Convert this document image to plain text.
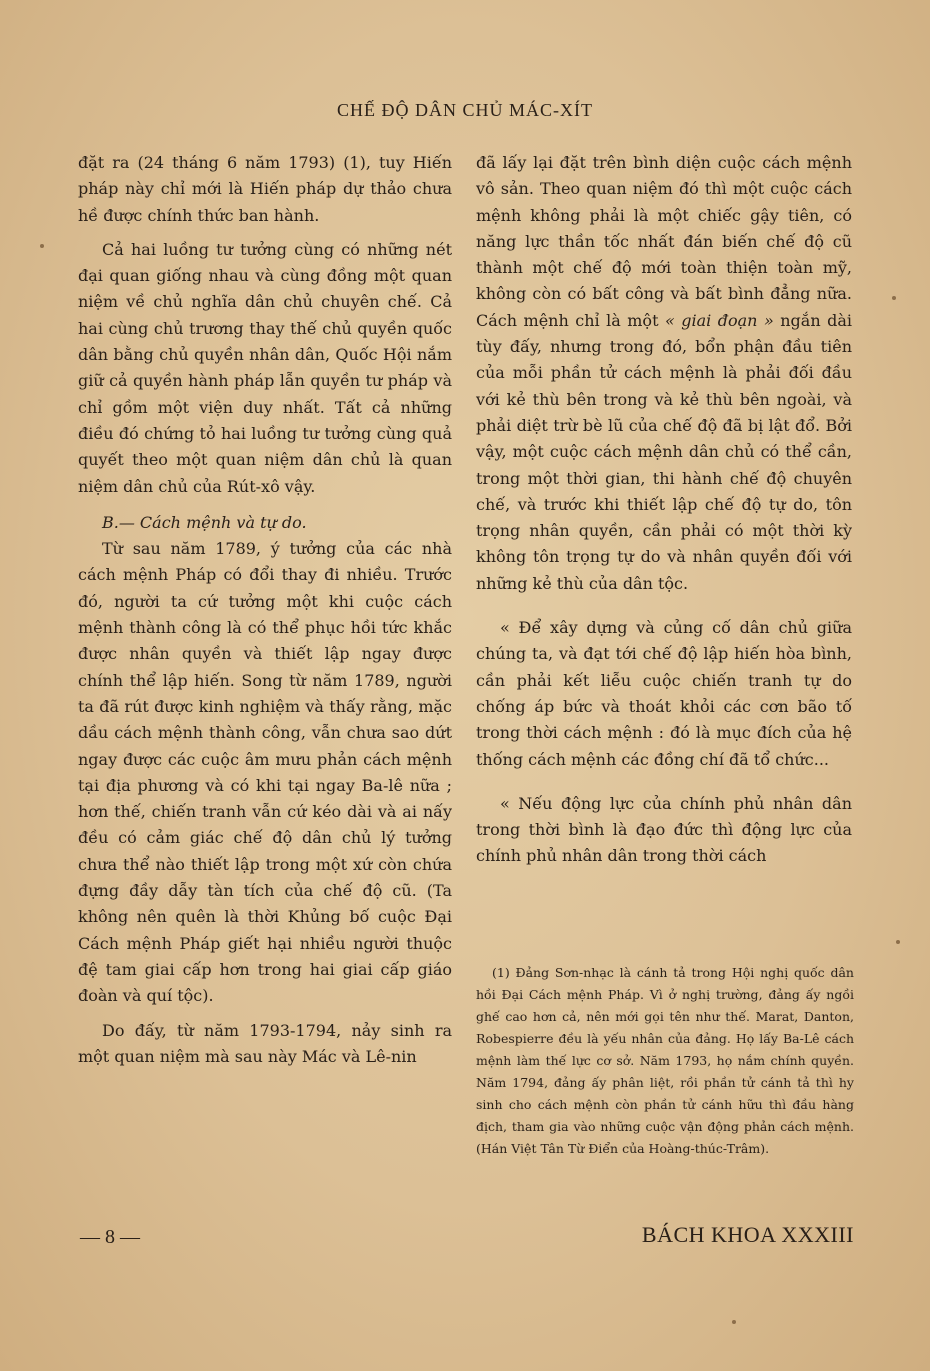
CHẾ ĐỘ DÂN CHỦ MÁC-XÍT

đặt ra (24 tháng 6 năm 1793) (1), tuy Hiến pháp này chỉ mới là Hiến pháp dự thảo chưa hề được chính thức ban hành.

Cả hai luồng tư tưởng cùng có những nét đại quan giống nhau và cùng đồng một quan niệm về chủ nghĩa dân chủ chuyên chế. Cả hai cùng chủ trương thay thế chủ quyền quốc dân bằng chủ quyền nhân dân, Quốc Hội nắm giữ cả quyền hành pháp lẫn quyền tư pháp và chỉ gồm một viện duy nhất. Tất cả những điều đó chứng tỏ hai luồng tư tưởng cùng quả quyết theo một quan niệm dân chủ là quan niệm dân chủ của Rút-xô vậy.

B.— Cách mệnh và tự do.

Từ sau năm 1789, ý tưởng của các nhà cách mệnh Pháp có đổi thay đi nhiều. Trước đó, người ta cứ tưởng một khi cuộc cách mệnh thành công là có thể phục hồi tức khắc được nhân quyền và thiết lập ngay được chính thể lập hiến. Song từ năm 1789, người ta đã rút được kinh nghiệm và thấy rằng, mặc dầu cách mệnh thành công, vẫn chưa sao dứt ngay được các cuộc âm mưu phản cách mệnh tại địa phương và có khi tại ngay Ba-lê nữa ; hơn thế, chiến tranh vẫn cứ kéo dài và ai nấy đều có cảm giác chế độ dân chủ lý tưởng chưa thể nào thiết lập trong một xứ còn chứa đựng đầy dẫy tàn tích của chế độ cũ. (Ta không nên quên là thời Khủng bố cuộc Đại Cách mệnh Pháp giết hại nhiều người thuộc đệ tam giai cấp hơn trong hai giai cấp giáo đoàn và quí tộc).

Do đấy, từ năm 1793-1794, nảy sinh ra một quan niệm mà sau này Mác và Lê-nin

đã lấy lại đặt trên bình diện cuộc cách mệnh vô sản. Theo quan niệm đó thì một cuộc cách mệnh không phải là một chiếc gậy tiên, có năng lực thần tốc nhất đán biến chế độ cũ thành một chế độ mới toàn thiện toàn mỹ, không còn có bất công và bất bình đẳng nữa. Cách mệnh chỉ là một « giai đoạn » ngắn dài tùy đấy, nhưng trong đó, bổn phận đầu tiên của mỗi phần tử cách mệnh là phải đối đầu với kẻ thù bên trong và kẻ thù bên ngoài, và phải diệt trừ bè lũ của chế độ đã bị lật đổ. Bởi vậy, một cuộc cách mệnh dân chủ có thể cần, trong một thời gian, thi hành chế độ chuyên chế, và trước khi thiết lập chế độ tự do, tôn trọng nhân quyền, cần phải có một thời kỳ không tôn trọng tự do và nhân quyền đối với những kẻ thù của dân tộc.

« Để xây dựng và củng cố dân chủ giữa chúng ta, và đạt tới chế độ lập hiến hòa bình, cần phải kết liễu cuộc chiến tranh tự do chống áp bức và thoát khỏi các cơn bão tố trong thời cách mệnh : đó là mục đích của hệ thống cách mệnh các đồng chí đã tổ chức...

« Nếu động lực của chính phủ nhân dân trong thời bình là đạo đức thì động lực của chính phủ nhân dân trong thời cách

(1) Đảng Sơn-nhạc là cánh tả trong Hội nghị quốc dân hồi Đại Cách mệnh Pháp. Vì ở nghị trường, đảng ấy ngồi ghế cao hơn cả, nên mới gọi tên như thế. Marat, Danton, Robespierre đều là yếu nhân của đảng. Họ lấy Ba-Lê cách mệnh làm thế lực cơ sở. Năm 1793, họ nắm chính quyền. Năm 1794, đảng ấy phân liệt, rồi phần tử cánh tả thì hy sinh cho cách mệnh còn phần tử cánh hữu thì đầu hàng địch, tham gia vào những cuộc vận động phản cách mệnh. (Hán Việt Tân Từ Điển của Hoàng-thúc-Trâm).
— 8 —	BÁCH KHOA XXXIII
